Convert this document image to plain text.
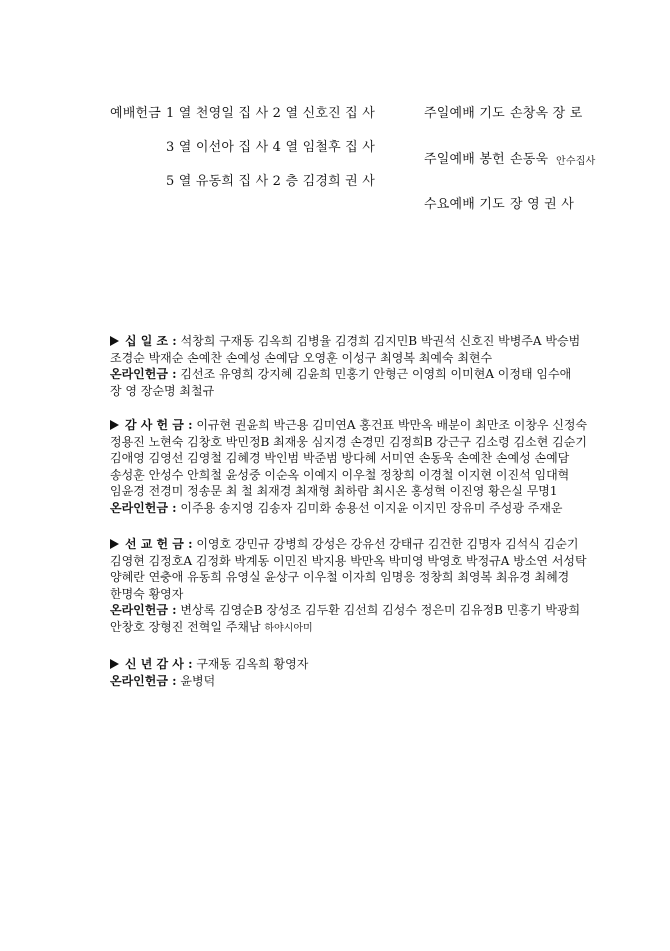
예배헌금 1 열 천영일 집 사 2 열 신호진 집 사
3 열 이선아 집 사 4 열 임철후 집 사
5 열 유동희 집 사 2 층 김경희 권 사
주일예배 기도 손창옥 장 로
주일예배 봉헌 손동욱 안수집사
수요예배 기도 장 영 권 사
십 일 조 : 석창희 구재동 김옥희 김병율 김경희 김지민B 박권석 신호진 박병주A 박승범
조경순 박재순 손예찬 손예성 손예담 오영훈 이성구 최영복 최예숙 최현수
온라인헌금 : 김선조 유영희 강지혜 김윤희 민홍기 안형근 이영희 이미현A 이정태 임수애
장 영 장순명 최철규
감 사 헌 금 : 이규현 권윤희 박근용 김미연A 홍건표 박만옥 배분이 최만조 이창우 신정숙
정용진 노현숙 김창호 박민정B 최재웅 심지경 손경민 김정희B 강근구 김소령 김소현 김순기
김애영 김영선 김영철 김혜경 박인범 박준범 방다혜 서미연 손동욱 손예찬 손예성 손예담
송성훈 안성수 안희철 윤성중 이순옥 이예지 이우철 정창희 이경철 이지현 이진석 임대혁
임윤경 전경미 정송문 최 철 최재경 최재형 최하람 최시온 홍성혁 이진영 황은실 무명1
온라인헌금 : 이주용 송지영 김송자 김미화 송용선 이지윤 이지민 장유미 주성광 주재운
선 교 헌 금 : 이영호 강민규 강병희 강성은 강유선 강태규 김건한 김명자 김석식 김순기
김영현 김정호A 김정화 박계동 이민진 박지용 박만옥 박미영 박영호 박정규A 방소연 서성탁
양혜란 연충애 유동희 유영실 윤상구 이우철 이자희 임명응 정창희 최영복 최유경 최혜경
한명숙 황영자
온라인헌금 : 변상록 김영순B 장성조 김두환 김선희 김성수 정은미 김유정B 민홍기 박광희
안창호 장형진 전혁일 주채남 하야시아미
신 년 감 사 : 구재동 김옥희 황영자
온라인헌금 : 윤병덕
